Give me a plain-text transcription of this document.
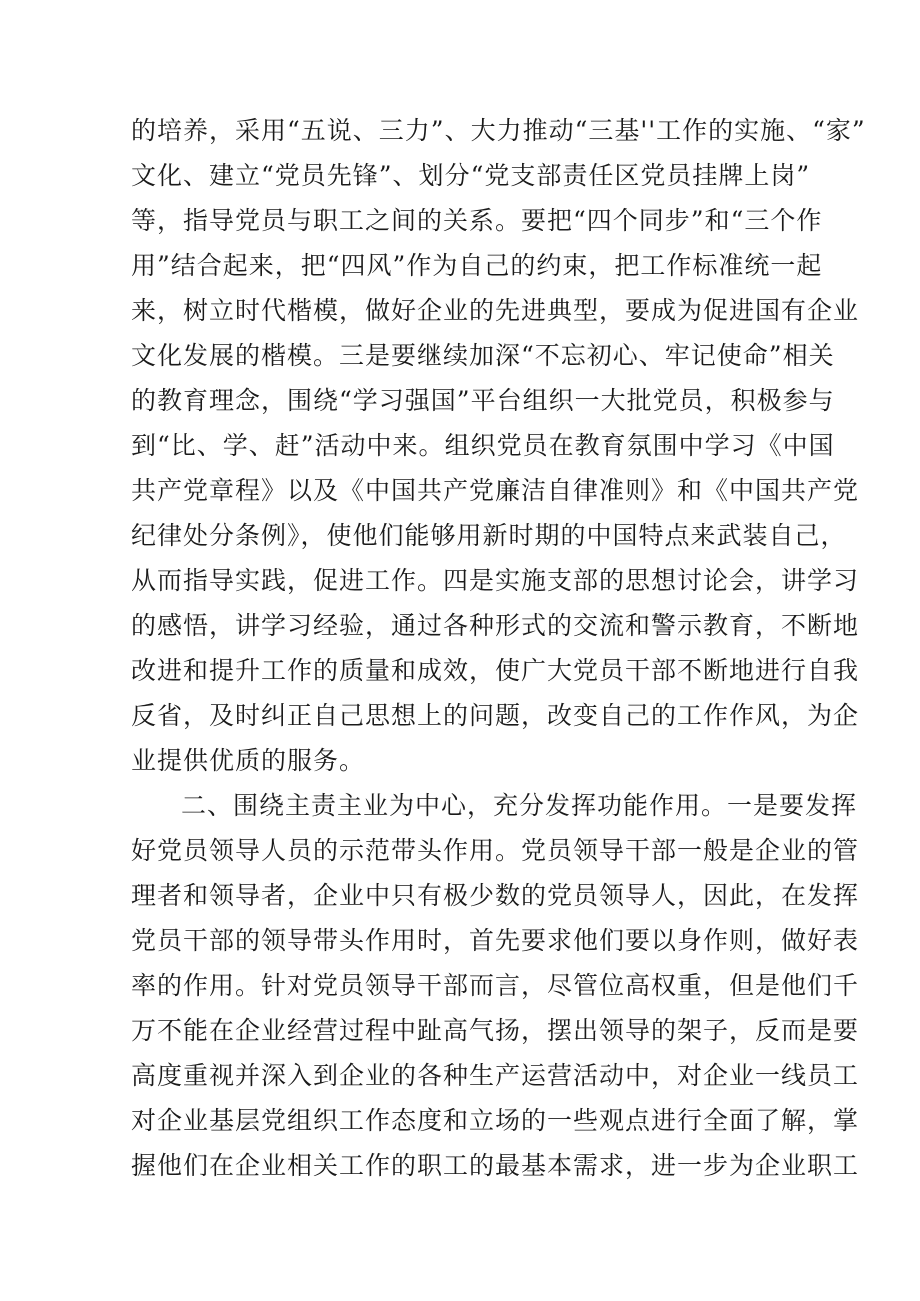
的培养，采用“五说、三力”、大力推动“三基''工作的实施、“家”
文化、建立“党员先锋”、划分“党支部责任区党员挂牌上岗”
等，指导党员与职工之间的关系。要把“四个同步”和“三个作
用”结合起来，把“四风”作为自己的约束，把工作标准统一起
来，树立时代楷模，做好企业的先进典型，要成为促进国有企业
文化发展的楷模。三是要继续加深“不忘初心、牢记使命”相关
的教育理念，围绕“学习强国”平台组织一大批党员，积极参与
到“比、学、赶”活动中来。组织党员在教育氛围中学习《中国
共产党章程》以及《中国共产党廉洁自律准则》和《中国共产党
纪律处分条例》，使他们能够用新时期的中国特点来武装自己，
从而指导实践，促进工作。四是实施支部的思想讨论会，讲学习
的感悟，讲学习经验，通过各种形式的交流和警示教育，不断地
改进和提升工作的质量和成效，使广大党员干部不断地进行自我
反省，及时纠正自己思想上的问题，改变自己的工作作风，为企
业提供优质的服务。
二、围绕主责主业为中心，充分发挥功能作用。一是要发挥
好党员领导人员的示范带头作用。党员领导干部一般是企业的管
理者和领导者，企业中只有极少数的党员领导人，因此，在发挥
党员干部的领导带头作用时，首先要求他们要以身作则，做好表
率的作用。针对党员领导干部而言，尽管位高权重，但是他们千
万不能在企业经营过程中趾高气扬，摆出领导的架子，反而是要
高度重视并深入到企业的各种生产运营活动中，对企业一线员工
对企业基层党组织工作态度和立场的一些观点进行全面了解，掌
握他们在企业相关工作的职工的最基本需求，进一步为企业职工
